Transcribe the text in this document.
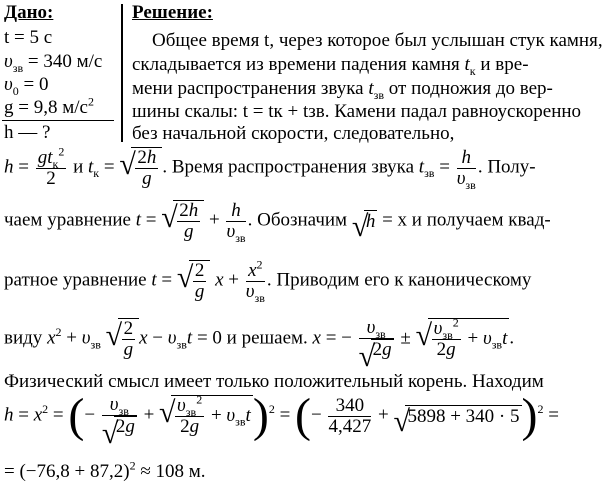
Дано:
t = 5 с
$\upsilon_{зв} = 340$ м/с
$\upsilon_0 = 0$
g = 9,8 $м/с^2$
h — ?
Решение:
Общее время t, через которое был услышан стук камня,
складывается из времени падения камня $t_к$ и вре-
мени распространения звука $t_{зв}$ от подножия до вер-
шины скалы: t = tк + tзв. Камени падал равноускоренно
без начальной скорости, следовательно,
$h = \frac{gt_к^2}{2}$ и $t_к$ = √ $\frac{2h}{g}$ . Время распространения звука $t_{зв} = \frac{h}{\upsilon_{зв}}$ . Полу-
чаем уравнение t = √ $\frac{2h}{g} + \frac{h}{\upsilon_{зв}}$ . Обозначим √ h = x и получаем квад-
ратное уравнение t = √ $\frac{2}{g}$ $x + \frac{x^2}{\upsilon_{зв}}$ . Приводим его к каноническому
виду $x^2 + \upsilon_{зв}$ √ $\frac{2}{g}$ $x - \upsilon_{зв}t = 0$ и решаем. x = − $\upsilon_{зв}$
√ 2g ± √ $\frac{\upsilon_{зв}^2}{2g} + \upsilon_{зв}t$ .
Физический смысл имеет только положительный корень. Находим
$h = x^2$ = (− $\upsilon_{зв}$
√ 2g + √ $\frac{\upsilon_{зв}^2}{2g} + \upsilon_{зв}t)^2$ = (− $\frac{340}{4,427}$ + √ 5898 + 340 · 5)$^2$ =
= $(-76,8 + 87,2)^2 \approx 108$ м.
